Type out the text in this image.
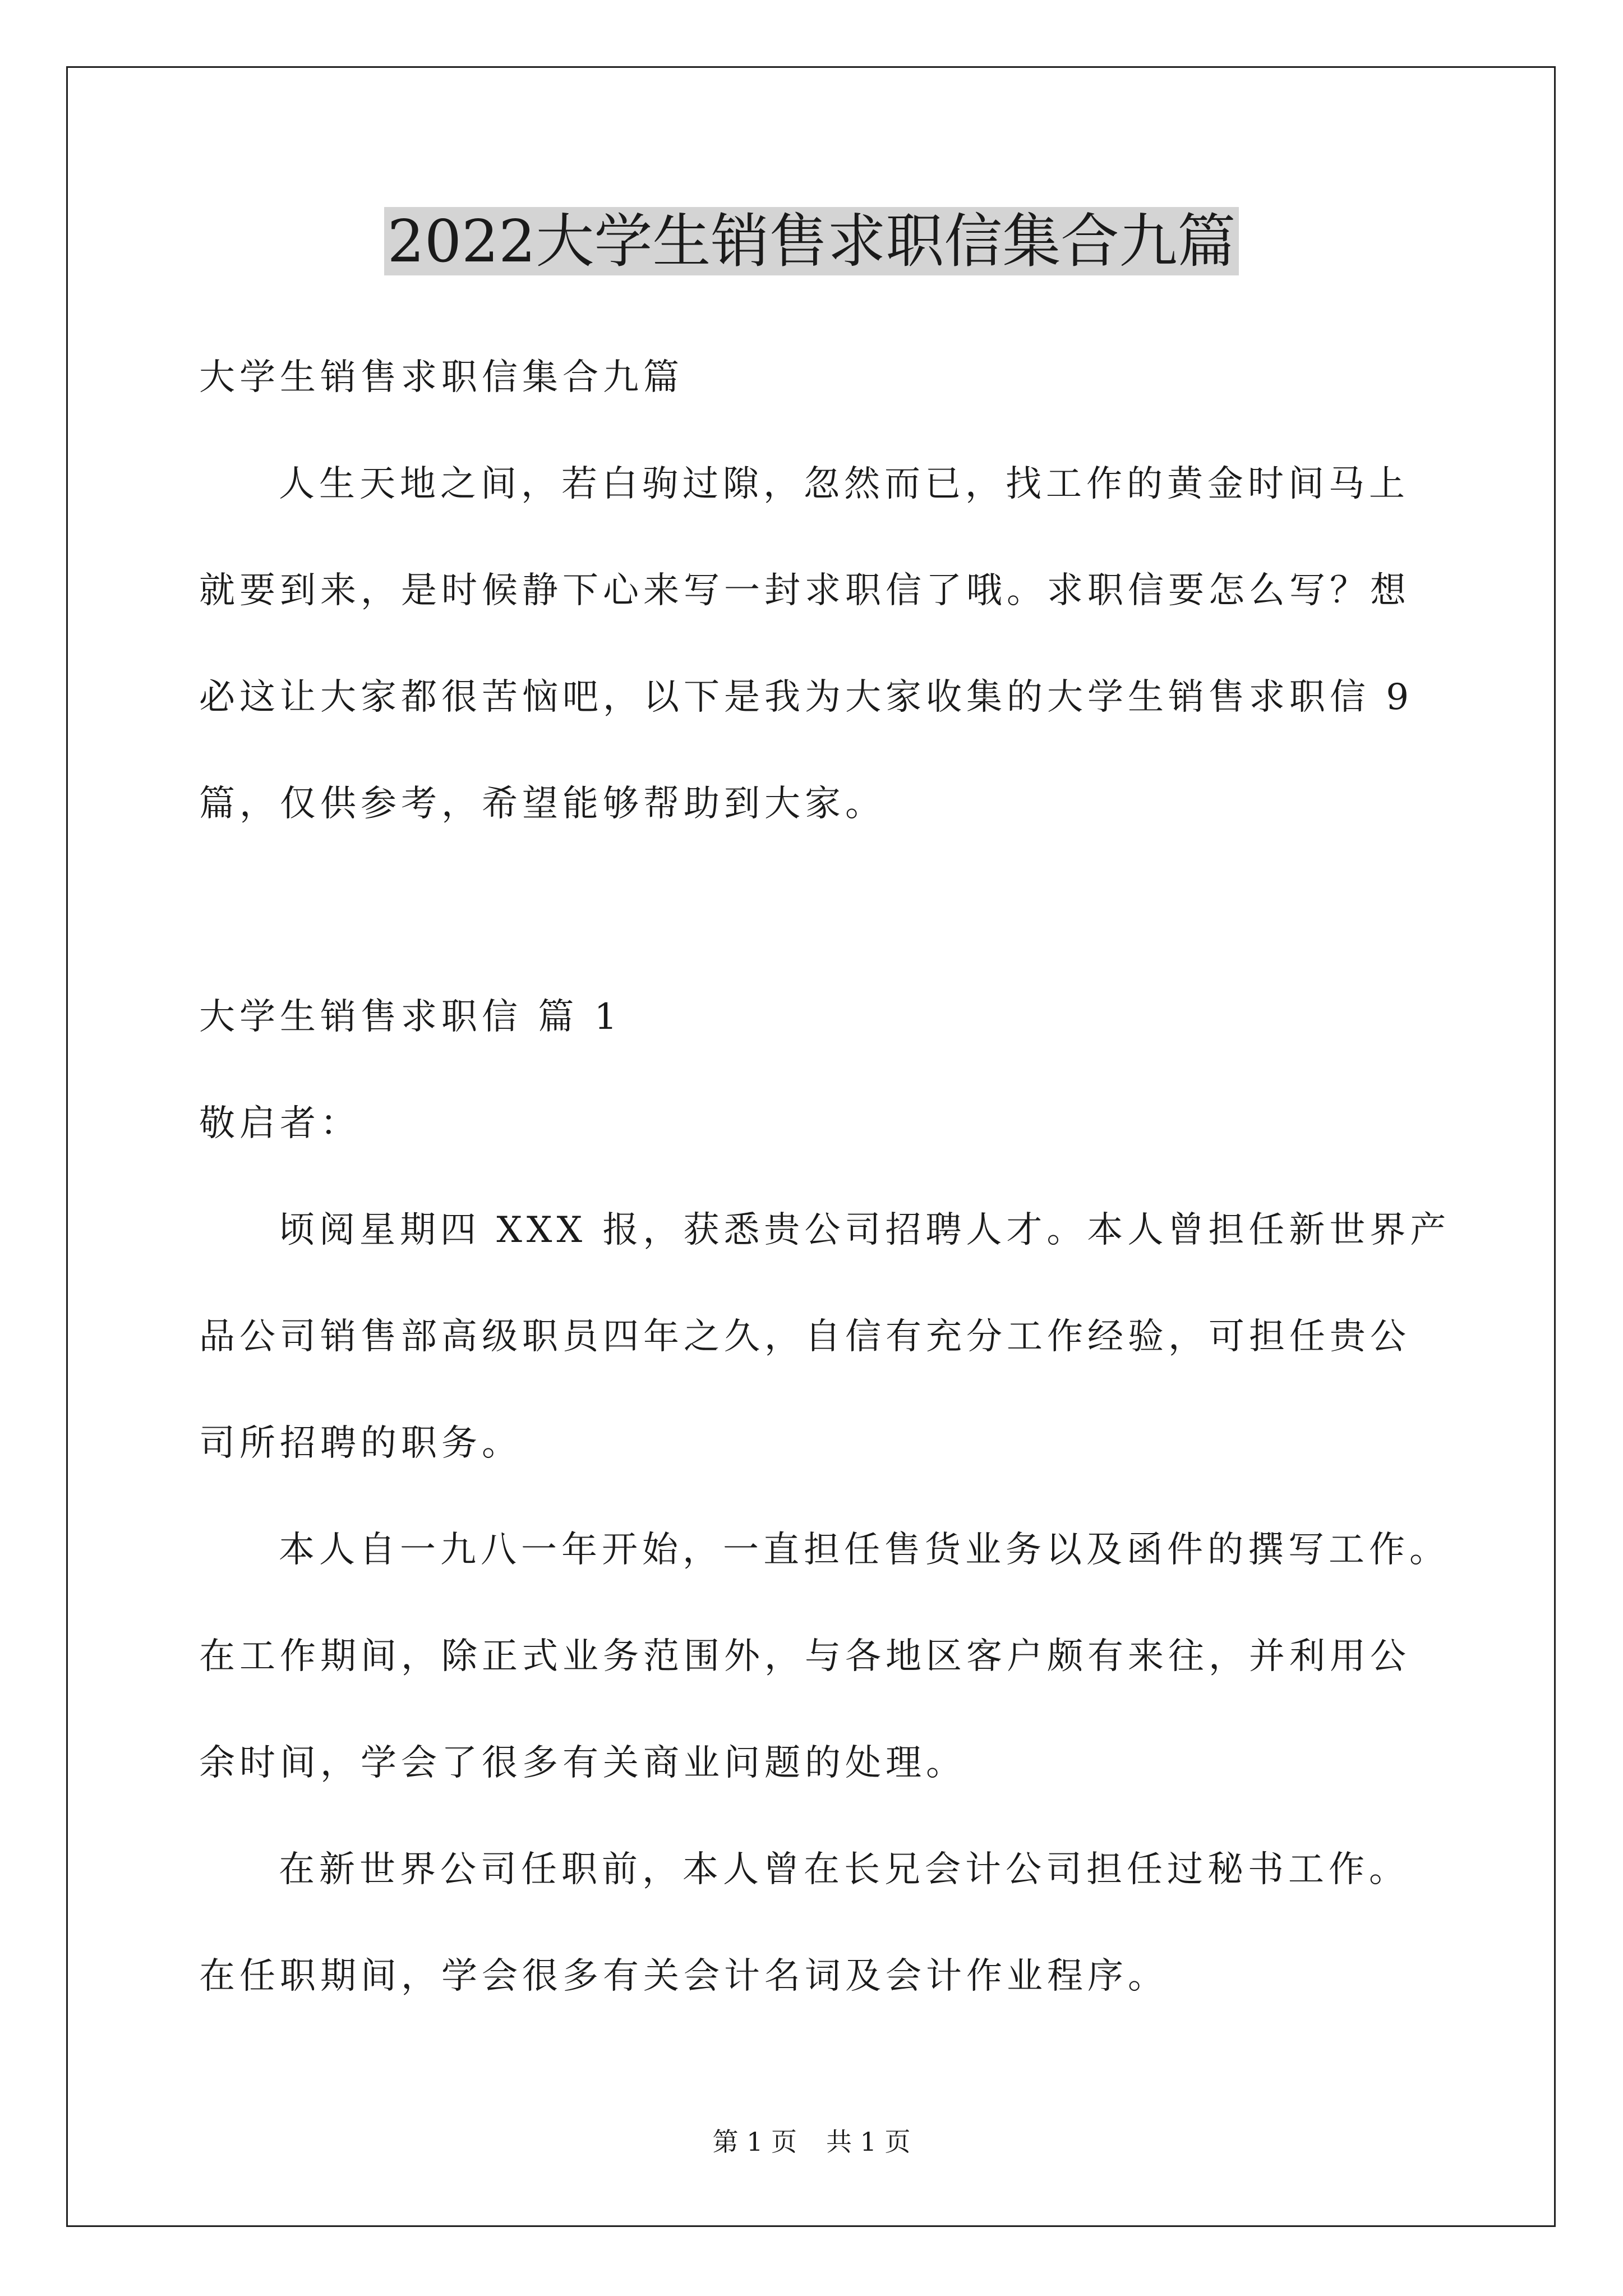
2022大学生销售求职信集合九篇
大学生销售求职信集合九篇
人生天地之间，若白驹过隙，忽然而已，找工作的黄金时间马上
就要到来，是时候静下心来写一封求职信了哦。求职信要怎么写？想
必这让大家都很苦恼吧，以下是我为大家收集的大学生销售求职信 9
篇，仅供参考，希望能够帮助到大家。
大学生销售求职信 篇 1
敬启者：
顷阅星期四 XXX 报，获悉贵公司招聘人才。本人曾担任新世界产
品公司销售部高级职员四年之久，自信有充分工作经验，可担任贵公
司所招聘的职务。
本人自一九八一年开始，一直担任售货业务以及函件的撰写工作。
在工作期间，除正式业务范围外，与各地区客户颇有来往，并利用公
余时间，学会了很多有关商业问题的处理。
在新世界公司任职前，本人曾在长兄会计公司担任过秘书工作。
在任职期间，学会很多有关会计名词及会计作业程序。
第 1 页 共 1 页
